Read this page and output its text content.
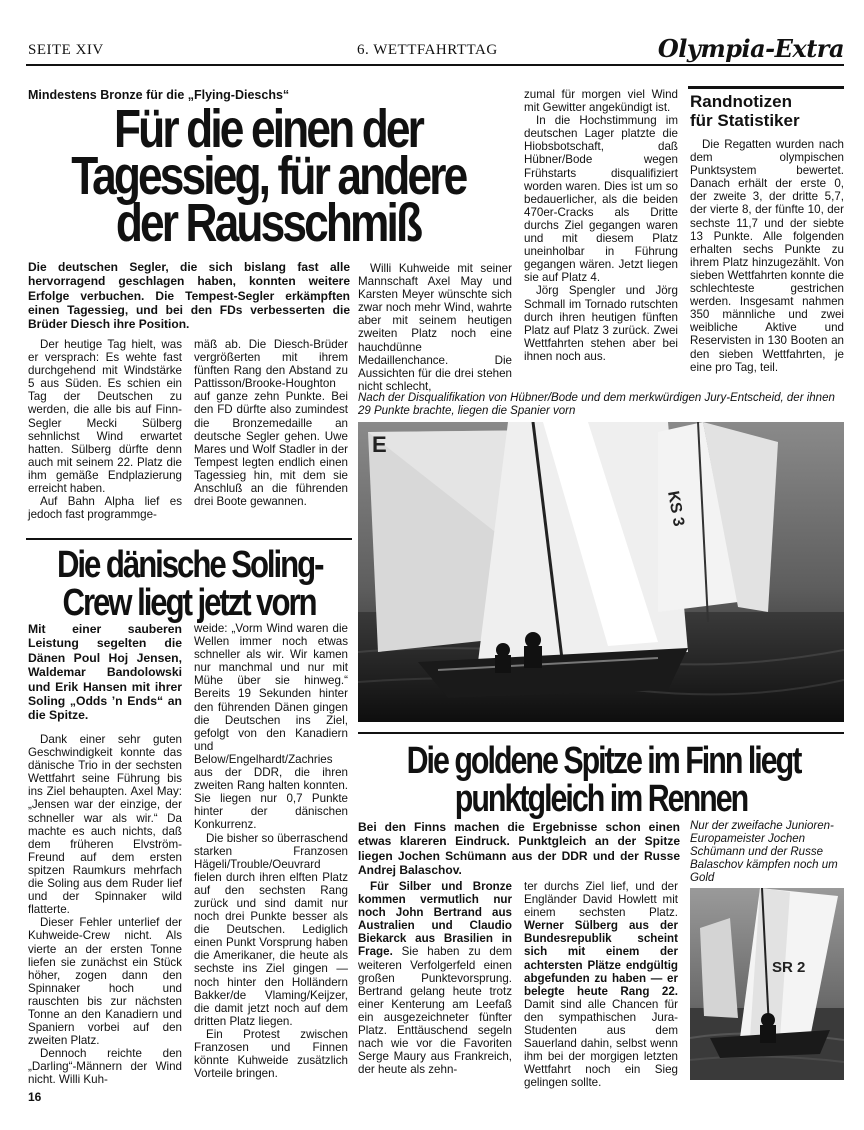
SEITE XIV	6. WETTFAHRTTAG	Olympia-Extra
Mindestens Bronze für die „Flying-Dieschs“
Für die einen der
Tagessieg, für andere
der Rausschmiß
Die deutschen Segler, die sich bislang fast alle hervorragend geschlagen haben, konnten weitere Erfolge verbuchen. Die Tempest-Segler erkämpften einen Tagessieg, und bei den FDs verbesserten die Brüder Diesch ihre Position.

Der heutige Tag hielt, was er versprach: Es wehte fast durchgehend mit Windstärke 5 aus Süden. Es schien ein Tag der Deutschen zu werden, die alle bis auf Finn-Segler Mecki Sülberg sehnlichst Wind erwartet hatten. Sülberg dürfte denn auch mit seinem 22. Platz die ihm gemäße Endplazierung erreicht haben.

Auf Bahn Alpha lief es jedoch fast programmge-

mäß ab. Die Diesch-Brüder vergrößerten mit ihrem fünften Rang den Abstand zu Pattisson/Brooke-Houghton auf ganze zehn Punkte. Bei den FD dürfte also zumindest die Bronzemedaille an deutsche Segler gehen. Uwe Mares und Wolf Stadler in der Tempest legten endlich einen Tagessieg hin, mit dem sie Anschluß an die führenden drei Boote gewannen.

Willi Kuhweide mit seiner Mannschaft Axel May und Karsten Meyer wünschte sich zwar noch mehr Wind, wahrte aber mit seinem heutigen zweiten Platz noch eine hauchdünne Medaillenchance. Die Aussichten für die drei stehen nicht schlecht,

zumal für morgen viel Wind mit Gewitter angekündigt ist.

In die Hochstimmung im deutschen Lager platzte die Hiobsbotschaft, daß Hübner/Bode wegen Frühstarts disqualifiziert worden waren. Dies ist um so bedauerlicher, als die beiden 470er-Cracks als Dritte durchs Ziel gegangen waren und mit diesem Platz uneinholbar in Führung gegangen wären. Jetzt liegen sie auf Platz 4.

Jörg Spengler und Jörg Schmall im Tornado rutschten durch ihren heutigen fünften Platz auf Platz 3 zurück. Zwei Wettfahrten stehen aber bei ihnen noch aus.

Randnotizen
für Statistiker

Die Regatten wurden nach dem olympischen Punktsystem bewertet. Danach erhält der erste 0, der zweite 3, der dritte 5,7, der vierte 8, der fünfte 10, der sechste 11,7 und der siebte 13 Punkte. Alle folgenden erhalten sechs Punkte zu ihrem Platz hinzugezählt. Von sieben Wettfahrten konnte die schlechteste gestrichen werden. Insgesamt nahmen 350 männliche und zwei weibliche Aktive und Reservisten in 130 Booten an den sieben Wettfahrten, je eine pro Tag, teil.

Nach der Disqualifikation von Hübner/Bode und dem merkwürdigen Jury-Entscheid, der ihnen 29 Punkte brachte, liegen die Spanier vorn
E
KS 3
Die dänische Soling-
Crew liegt jetzt vorn
Mit einer sauberen Leistung segelten die Dänen Poul Hoj Jensen, Waldemar Bandolowski und Erik Hansen mit ihrer Soling „Odds ’n Ends“ an die Spitze.

Dank einer sehr guten Geschwindigkeit konnte das dänische Trio in der sechsten Wettfahrt seine Führung bis ins Ziel behaupten. Axel May: „Jensen war der einzige, der schneller war als wir.“ Da machte es auch nichts, daß dem früheren Elvström-Freund auf dem ersten spitzen Raumkurs mehrfach die Soling aus dem Ruder lief und der Spinnaker wild flatterte.

Dieser Fehler unterlief der Kuhweide-Crew nicht. Als vierte an der ersten Tonne liefen sie zunächst ein Stück höher, zogen dann den Spinnaker hoch und rauschten bis zur nächsten Tonne an den Kanadiern und Spaniern vorbei auf den zweiten Platz.

Dennoch reichte den „Darling“-Männern der Wind nicht. Willi Kuh-

weide: „Vorm Wind waren die Wellen immer noch etwas schneller als wir. Wir kamen nur manchmal und nur mit Mühe über sie hinweg.“ Bereits 19 Sekunden hinter den führenden Dänen gingen die Deutschen ins Ziel, gefolgt von den Kanadiern und Below/Engelhardt/Zachries aus der DDR, die ihren zweiten Rang halten konnten. Sie liegen nur 0,7 Punkte hinter der dänischen Konkurrenz.

Die bisher so überraschend starken Franzosen Hägeli/Trouble/Oeuvrard fielen durch ihren elften Platz auf den sechsten Rang zurück und sind damit nur noch drei Punkte besser als die Deutschen. Lediglich einen Punkt Vorsprung haben die Amerikaner, die heute als sechste ins Ziel gingen — noch hinter den Holländern Bakker/de Vlaming/Keijzer, die damit jetzt noch auf dem dritten Platz liegen.

Ein Protest zwischen Franzosen und Finnen könnte Kuhweide zusätzlich Vorteile bringen.

Die goldene Spitze im Finn liegt
punktgleich im Rennen
Bei den Finns machen die Ergebnisse schon einen etwas klareren Eindruck. Punktgleich an der Spitze liegen Jochen Schümann aus der DDR und der Russe Andrej Balaschov.

Für Silber und Bronze kommen vermutlich nur noch John Bertrand aus Australien und Claudio Biekarck aus Brasilien in Frage. Sie haben zu dem weiteren Verfolgerfeld einen großen Punktevorsprung. Bertrand gelang heute trotz einer Kenterung am Leefaß ein ausgezeichneter fünfter Platz. Enttäuschend segeln nach wie vor die Favoriten Serge Maury aus Frankreich, der heute als zehn-

ter durchs Ziel lief, und der Engländer David Howlett mit einem sechsten Platz. Werner Sülberg aus der Bundesrepublik scheint sich mit einem der achtersten Plätze endgültig abgefunden zu haben — er belegte heute Rang 22. Damit sind alle Chancen für den sympathischen Jura-Studenten aus dem Sauerland dahin, selbst wenn ihm bei der morgigen letzten Wettfahrt noch ein Sieg gelingen sollte.

Nur der zweifache Junioren-Europameister Jochen Schümann und der Russe Balaschov kämpfen noch um Gold
SR 2
16
